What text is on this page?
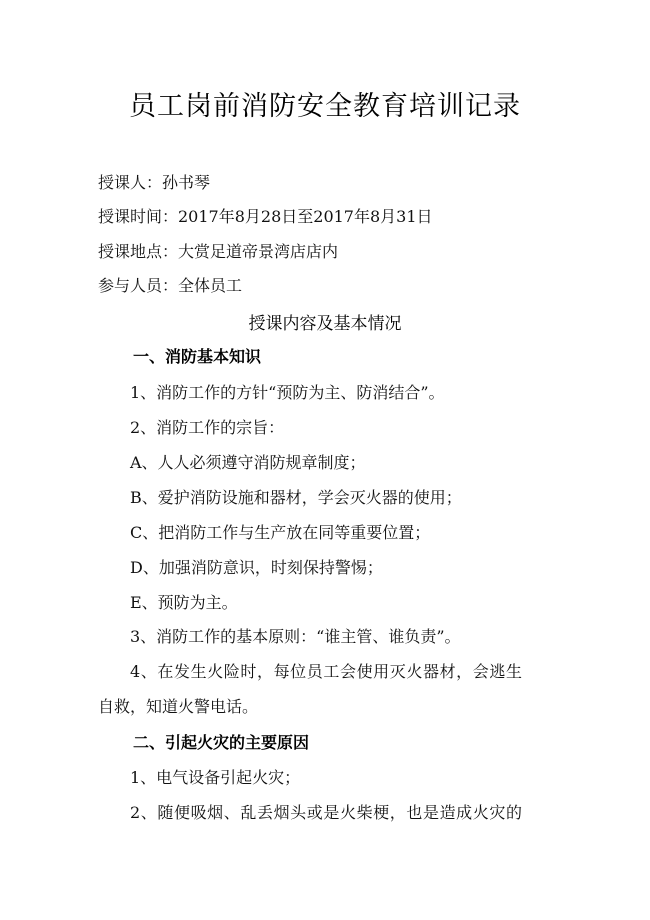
员工岗前消防安全教育培训记录
授课人：孙书琴
授课时间：2017年8月28日至2017年8月31日
授课地点：大赏足道帝景湾店店内
参与人员：全体员工
授课内容及基本情况
一、消防基本知识
1、消防工作的方针“预防为主、防消结合”。
2、消防工作的宗旨：
A、人人必须遵守消防规章制度；
B、爱护消防设施和器材，学会灭火器的使用；
C、把消防工作与生产放在同等重要位置；
D、加强消防意识，时刻保持警惕；
E、预防为主。
3、消防工作的基本原则：“谁主管、谁负责”。
4、在发生火险时，每位员工会使用灭火器材，会逃生
自救，知道火警电话。
二、引起火灾的主要原因
1、电气设备引起火灾；
2、随便吸烟、乱丢烟头或是火柴梗，也是造成火灾的
